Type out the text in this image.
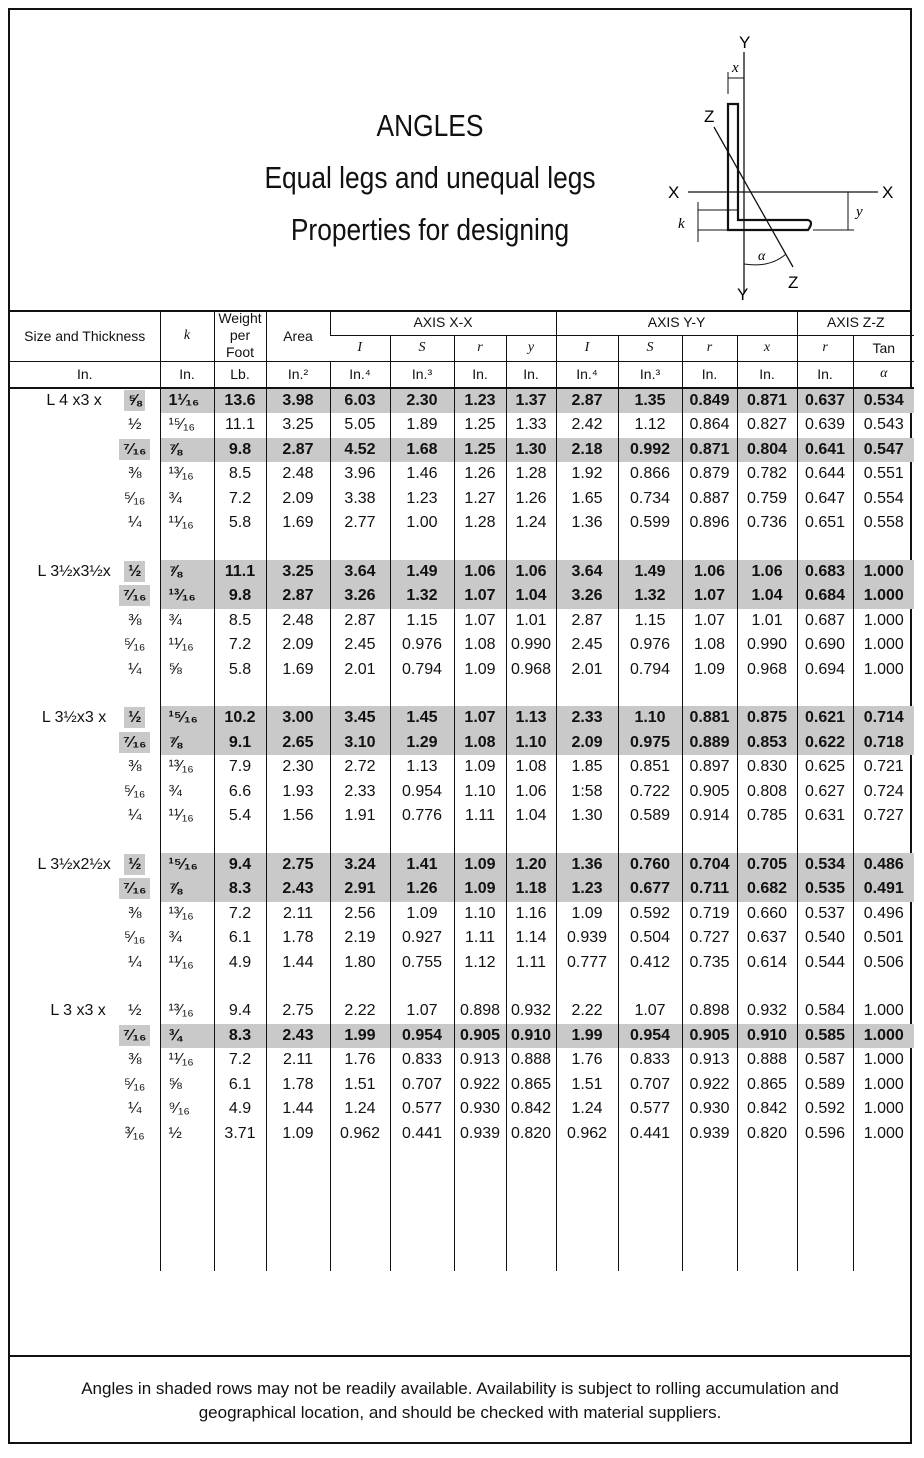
ANGLES
Equal legs and unequal legs
Properties for designing
Y
Y
X	X
Z
Z
x
y
k
α
Size and Thickness	k	Weight per Foot	Area	AXIS X-X				AXIS Y-Y				AXIS Z-Z	
				I	S	r	y	I	S	r	x	r	Tan
In.	In.	Lb.	In.²	In.⁴	In.³	In.	In.	In.⁴	In.³	In.	In.	In.	α
L 4 x3 x ⅝	1¹⁄₁₆	13.6	3.98	6.03	2.30	1.23	1.37	2.87	1.35	0.849	0.871	0.637	0.534
½	¹⁵⁄₁₆	11.1	3.25	5.05	1.89	1.25	1.33	2.42	1.12	0.864	0.827	0.639	0.543
⁷⁄₁₆	⅞	9.8	2.87	4.52	1.68	1.25	1.30	2.18	0.992	0.871	0.804	0.641	0.547
⅜	¹³⁄₁₆	8.5	2.48	3.96	1.46	1.26	1.28	1.92	0.866	0.879	0.782	0.644	0.551
⁵⁄₁₆	¾	7.2	2.09	3.38	1.23	1.27	1.26	1.65	0.734	0.887	0.759	0.647	0.554
¼	¹¹⁄₁₆	5.8	1.69	2.77	1.00	1.28	1.24	1.36	0.599	0.896	0.736	0.651	0.558

L 3½x3½x ½	⅞	11.1	3.25	3.64	1.49	1.06	1.06	3.64	1.49	1.06	1.06	0.683	1.000
⁷⁄₁₆	¹³⁄₁₆	9.8	2.87	3.26	1.32	1.07	1.04	3.26	1.32	1.07	1.04	0.684	1.000
⅜	¾	8.5	2.48	2.87	1.15	1.07	1.01	2.87	1.15	1.07	1.01	0.687	1.000
⁵⁄₁₆	¹¹⁄₁₆	7.2	2.09	2.45	0.976	1.08	0.990	2.45	0.976	1.08	0.990	0.690	1.000
¼	⅝	5.8	1.69	2.01	0.794	1.09	0.968	2.01	0.794	1.09	0.968	0.694	1.000

L 3½x3 x ½	¹⁵⁄₁₆	10.2	3.00	3.45	1.45	1.07	1.13	2.33	1.10	0.881	0.875	0.621	0.714
⁷⁄₁₆	⅞	9.1	2.65	3.10	1.29	1.08	1.10	2.09	0.975	0.889	0.853	0.622	0.718
⅜	¹³⁄₁₆	7.9	2.30	2.72	1.13	1.09	1.08	1.85	0.851	0.897	0.830	0.625	0.721
⁵⁄₁₆	¾	6.6	1.93	2.33	0.954	1.10	1.06	1:58	0.722	0.905	0.808	0.627	0.724
¼	¹¹⁄₁₆	5.4	1.56	1.91	0.776	1.11	1.04	1.30	0.589	0.914	0.785	0.631	0.727

L 3½x2½x ½	¹⁵⁄₁₆	9.4	2.75	3.24	1.41	1.09	1.20	1.36	0.760	0.704	0.705	0.534	0.486
⁷⁄₁₆	⅞	8.3	2.43	2.91	1.26	1.09	1.18	1.23	0.677	0.711	0.682	0.535	0.491
⅜	¹³⁄₁₆	7.2	2.11	2.56	1.09	1.10	1.16	1.09	0.592	0.719	0.660	0.537	0.496
⁵⁄₁₆	¾	6.1	1.78	2.19	0.927	1.11	1.14	0.939	0.504	0.727	0.637	0.540	0.501
¼	¹¹⁄₁₆	4.9	1.44	1.80	0.755	1.12	1.11	0.777	0.412	0.735	0.614	0.544	0.506

L 3 x3 x ½	¹³⁄₁₆	9.4	2.75	2.22	1.07	0.898	0.932	2.22	1.07	0.898	0.932	0.584	1.000
⁷⁄₁₆	¾	8.3	2.43	1.99	0.954	0.905	0.910	1.99	0.954	0.905	0.910	0.585	1.000
⅜	¹¹⁄₁₆	7.2	2.11	1.76	0.833	0.913	0.888	1.76	0.833	0.913	0.888	0.587	1.000
⁵⁄₁₆	⅝	6.1	1.78	1.51	0.707	0.922	0.865	1.51	0.707	0.922	0.865	0.589	1.000
¼	⁹⁄₁₆	4.9	1.44	1.24	0.577	0.930	0.842	1.24	0.577	0.930	0.842	0.592	1.000
³⁄₁₆	½	3.71	1.09	0.962	0.441	0.939	0.820	0.962	0.441	0.939	0.820	0.596	1.000

Angles in shaded rows may not be readily available. Availability is subject to rolling accumulation and geographical location, and should be checked with material suppliers.
